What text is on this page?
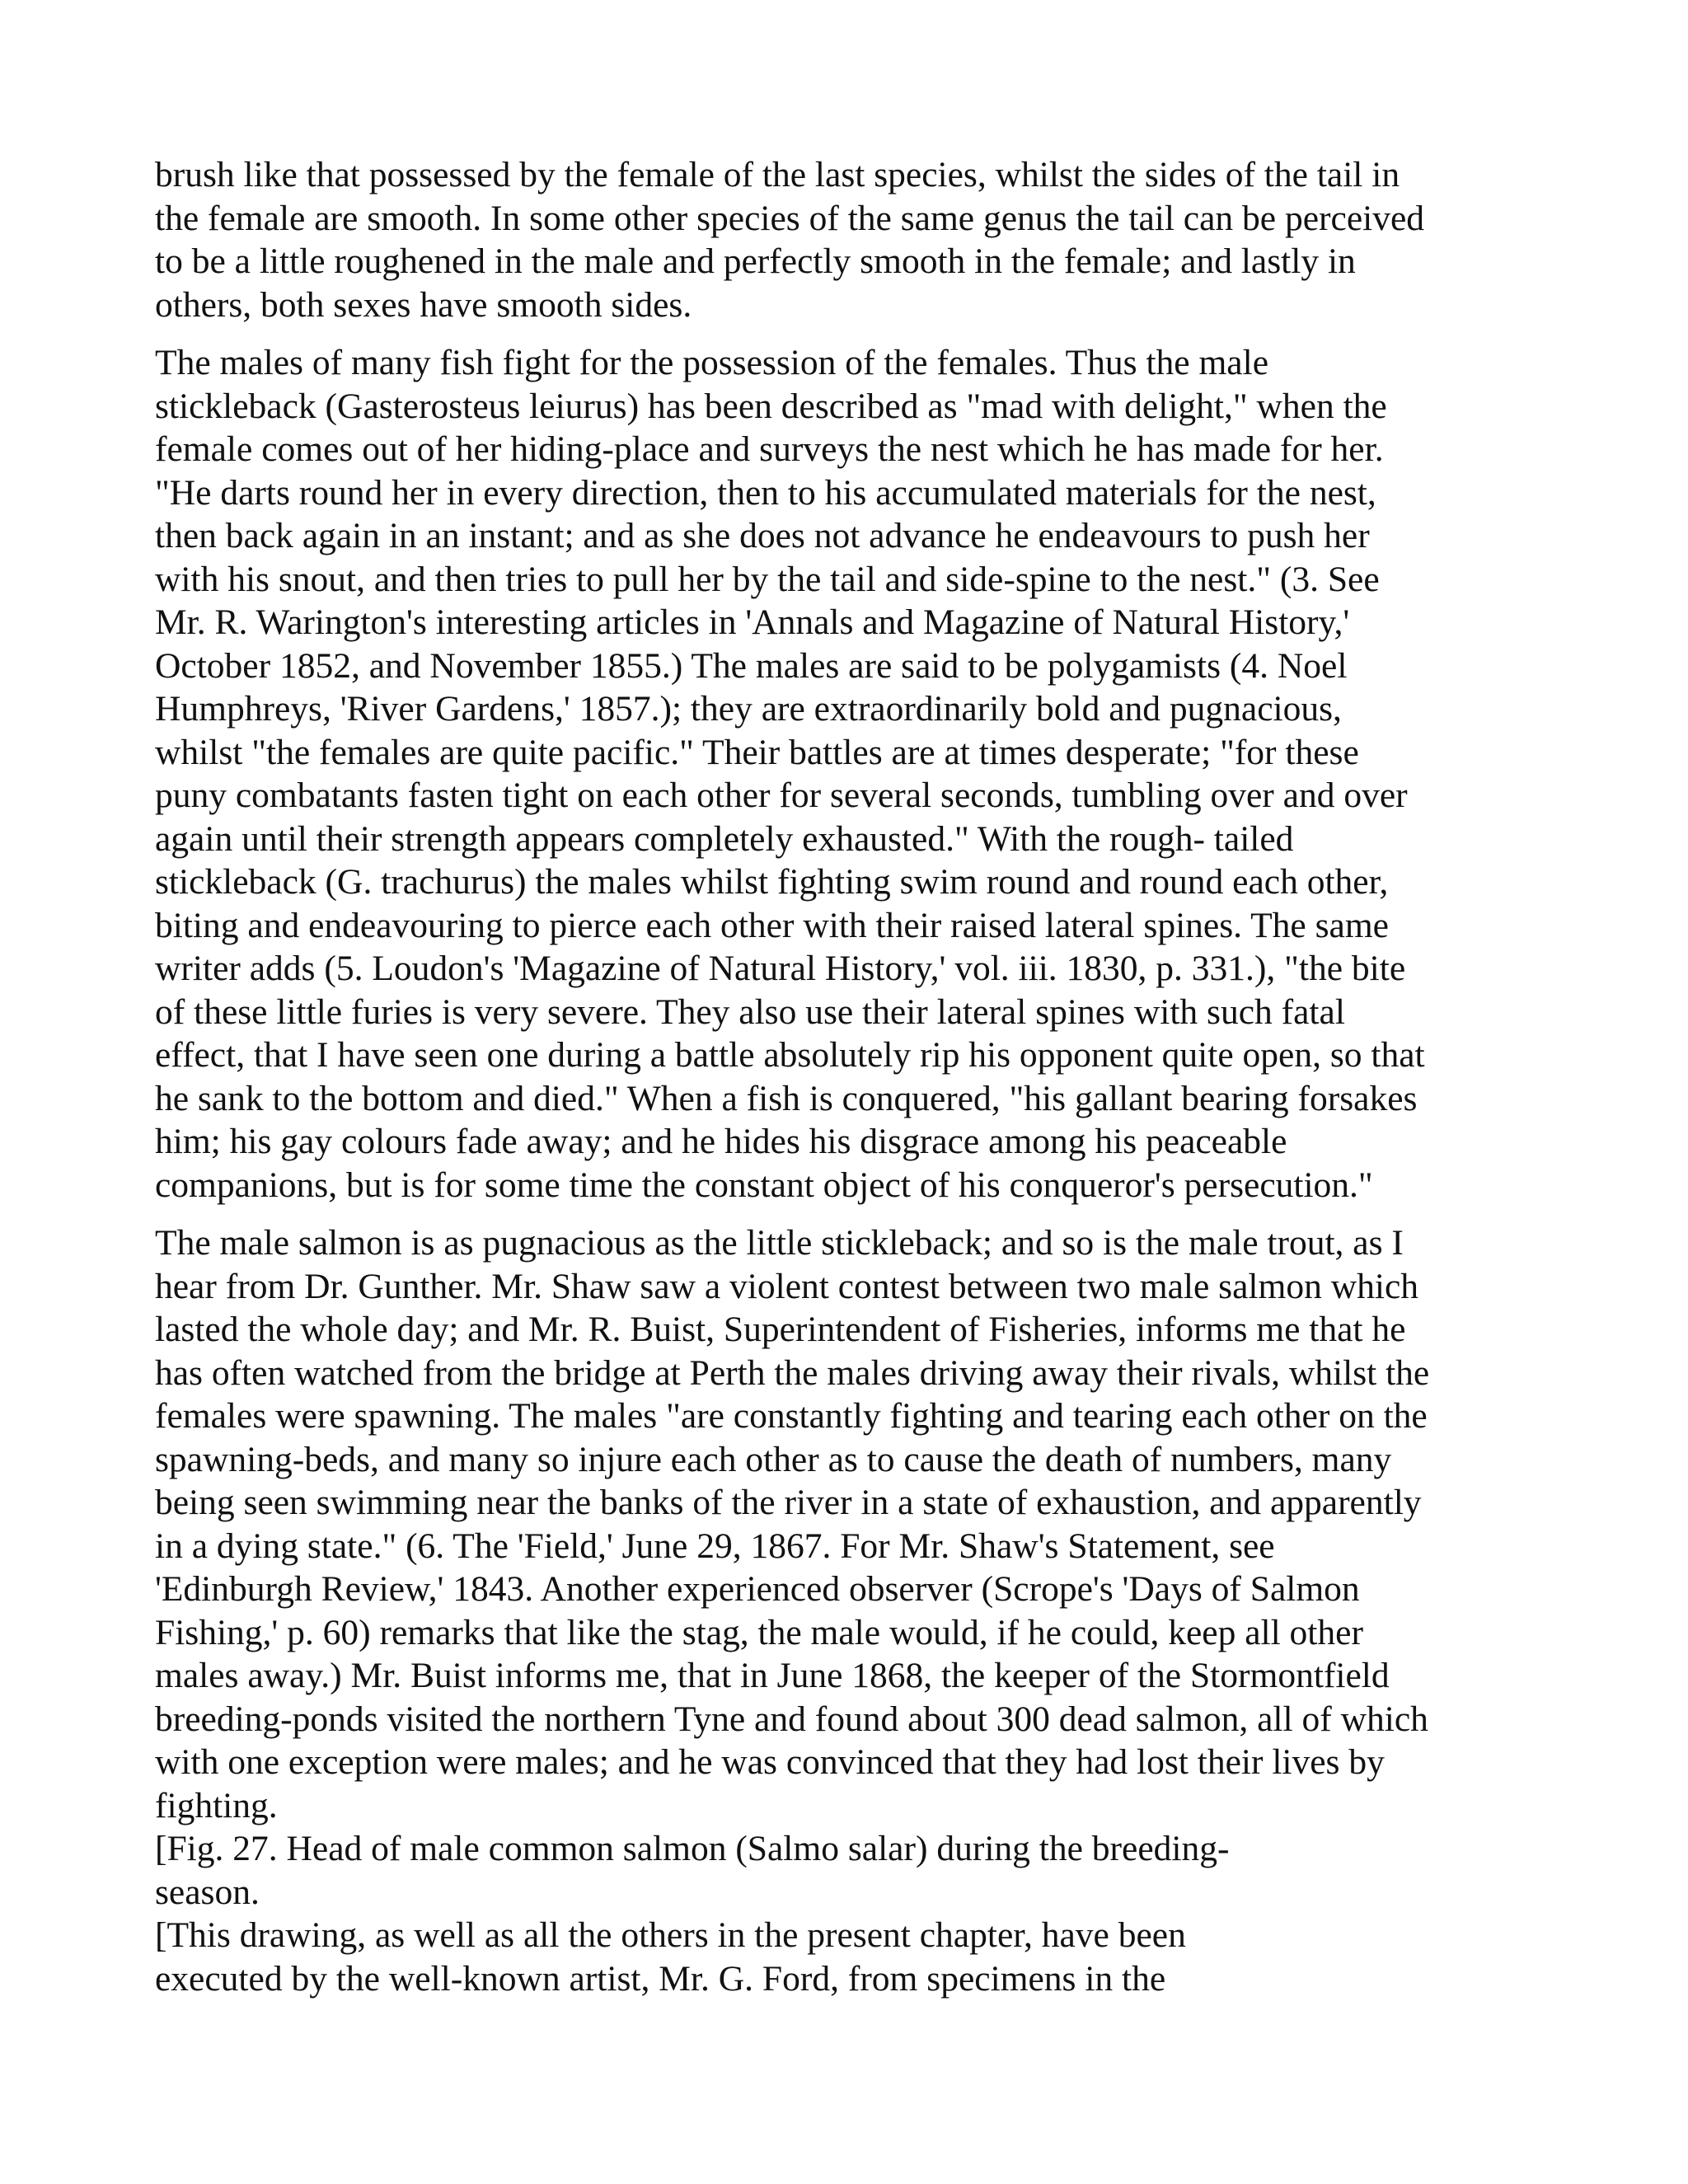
brush like that possessed by the female of the last species, whilst the sides of the tail in
the female are smooth. In some other species of the same genus the tail can be perceived
to be a little roughened in the male and perfectly smooth in the female; and lastly in
others, both sexes have smooth sides.

The males of many fish fight for the possession of the females. Thus the male
stickleback (Gasterosteus leiurus) has been described as "mad with delight," when the
female comes out of her hiding-place and surveys the nest which he has made for her.
"He darts round her in every direction, then to his accumulated materials for the nest,
then back again in an instant; and as she does not advance he endeavours to push her
with his snout, and then tries to pull her by the tail and side-spine to the nest." (3. See
Mr. R. Warington's interesting articles in 'Annals and Magazine of Natural History,'
October 1852, and November 1855.) The males are said to be polygamists (4. Noel
Humphreys, 'River Gardens,' 1857.); they are extraordinarily bold and pugnacious,
whilst "the females are quite pacific." Their battles are at times desperate; "for these
puny combatants fasten tight on each other for several seconds, tumbling over and over
again until their strength appears completely exhausted." With the rough- tailed
stickleback (G. trachurus) the males whilst fighting swim round and round each other,
biting and endeavouring to pierce each other with their raised lateral spines. The same
writer adds (5. Loudon's 'Magazine of Natural History,' vol. iii. 1830, p. 331.), "the bite
of these little furies is very severe. They also use their lateral spines with such fatal
effect, that I have seen one during a battle absolutely rip his opponent quite open, so that
he sank to the bottom and died." When a fish is conquered, "his gallant bearing forsakes
him; his gay colours fade away; and he hides his disgrace among his peaceable
companions, but is for some time the constant object of his conqueror's persecution."

The male salmon is as pugnacious as the little stickleback; and so is the male trout, as I
hear from Dr. Gunther. Mr. Shaw saw a violent contest between two male salmon which
lasted the whole day; and Mr. R. Buist, Superintendent of Fisheries, informs me that he
has often watched from the bridge at Perth the males driving away their rivals, whilst the
females were spawning. The males "are constantly fighting and tearing each other on the
spawning-beds, and many so injure each other as to cause the death of numbers, many
being seen swimming near the banks of the river in a state of exhaustion, and apparently
in a dying state." (6. The 'Field,' June 29, 1867. For Mr. Shaw's Statement, see
'Edinburgh Review,' 1843. Another experienced observer (Scrope's 'Days of Salmon
Fishing,' p. 60) remarks that like the stag, the male would, if he could, keep all other
males away.) Mr. Buist informs me, that in June 1868, the keeper of the Stormontfield
breeding-ponds visited the northern Tyne and found about 300 dead salmon, all of which
with one exception were males; and he was convinced that they had lost their lives by
fighting.

[Fig. 27. Head of male common salmon (Salmo salar) during the breeding-
season.
[This drawing, as well as all the others in the present chapter, have been
executed by the well-known artist, Mr. G. Ford, from specimens in the
